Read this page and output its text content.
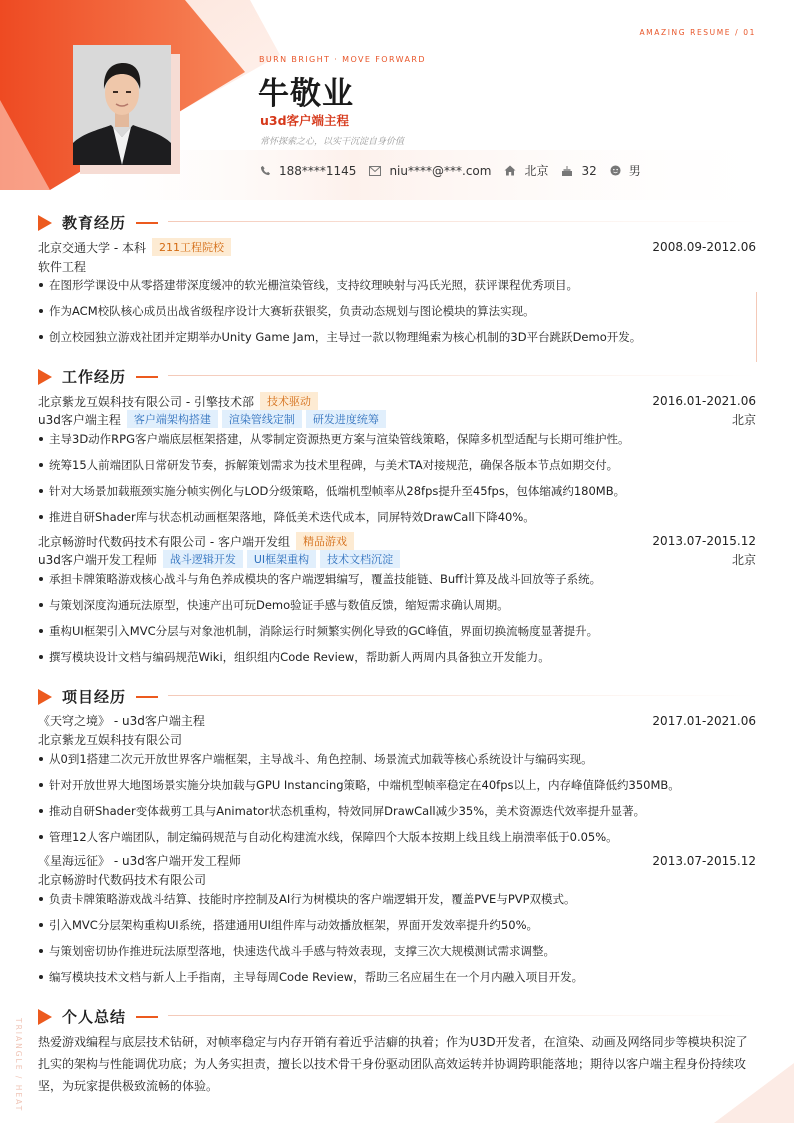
AMAZING RESUME / 01
TRIANGLE / HEAT
BURN BRIGHT · MOVE FORWARD
牛敬业
u3d客户端主程
常怀探索之心，以实干沉淀自身价值
188****1145	niu****@***.com	北京	32	男
教育经历
北京交通大学 - 本科	211工程院校	2008.09-2012.06
软件工程
在图形学课设中从零搭建带深度缓冲的软光栅渲染管线，支持纹理映射与冯氏光照，获评课程优秀项目。
作为ACM校队核心成员出战省级程序设计大赛斩获银奖，负责动态规划与图论模块的算法实现。
创立校园独立游戏社团并定期举办Unity Game Jam，主导过一款以物理绳索为核心机制的3D平台跳跃Demo开发。
工作经历
北京紫龙互娱科技有限公司 - 引擎技术部	技术驱动	2016.01-2021.06
u3d客户端主程	客户端架构搭建	渲染管线定制	研发进度统筹	北京
主导3D动作RPG客户端底层框架搭建，从零制定资源热更方案与渲染管线策略，保障多机型适配与长期可维护性。
统筹15人前端团队日常研发节奏，拆解策划需求为技术里程碑，与美术TA对接规范，确保各版本节点如期交付。
针对大场景加载瓶颈实施分帧实例化与LOD分级策略，低端机型帧率从28fps提升至45fps，包体缩减约180MB。
推进自研Shader库与状态机动画框架落地，降低美术迭代成本，同屏特效DrawCall下降40%。
北京畅游时代数码技术有限公司 - 客户端开发组	精品游戏	2013.07-2015.12
u3d客户端开发工程师	战斗逻辑开发	UI框架重构	技术文档沉淀	北京
承担卡牌策略游戏核心战斗与角色养成模块的客户端逻辑编写，覆盖技能链、Buff计算及战斗回放等子系统。
与策划深度沟通玩法原型，快速产出可玩Demo验证手感与数值反馈，缩短需求确认周期。
重构UI框架引入MVC分层与对象池机制，消除运行时频繁实例化导致的GC峰值，界面切换流畅度显著提升。
撰写模块设计文档与编码规范Wiki，组织组内Code Review，帮助新人两周内具备独立开发能力。
项目经历
《天穹之境》 - u3d客户端主程	2017.01-2021.06
北京紫龙互娱科技有限公司
从0到1搭建二次元开放世界客户端框架，主导战斗、角色控制、场景流式加载等核心系统设计与编码实现。
针对开放世界大地图场景实施分块加载与GPU Instancing策略，中端机型帧率稳定在40fps以上，内存峰值降低约350MB。
推动自研Shader变体裁剪工具与Animator状态机重构，特效同屏DrawCall减少35%，美术资源迭代效率提升显著。
管理12人客户端团队，制定编码规范与自动化构建流水线，保障四个大版本按期上线且线上崩溃率低于0.05%。
《星海远征》 - u3d客户端开发工程师	2013.07-2015.12
北京畅游时代数码技术有限公司
负责卡牌策略游戏战斗结算、技能时序控制及AI行为树模块的客户端逻辑开发，覆盖PVE与PVP双模式。
引入MVC分层架构重构UI系统，搭建通用UI组件库与动效播放框架，界面开发效率提升约50%。
与策划密切协作推进玩法原型落地，快速迭代战斗手感与特效表现，支撑三次大规模测试需求调整。
编写模块技术文档与新人上手指南，主导每周Code Review，帮助三名应届生在一个月内融入项目开发。
个人总结
热爱游戏编程与底层技术钻研，对帧率稳定与内存开销有着近乎洁癖的执着；作为U3D开发者，在渲染、动画及网络同步等模块积淀了扎实的架构与性能调优功底；为人务实担责，擅长以技术骨干身份驱动团队高效运转并协调跨职能落地；期待以客户端主程身份持续攻坚，为玩家提供极致流畅的体验。
